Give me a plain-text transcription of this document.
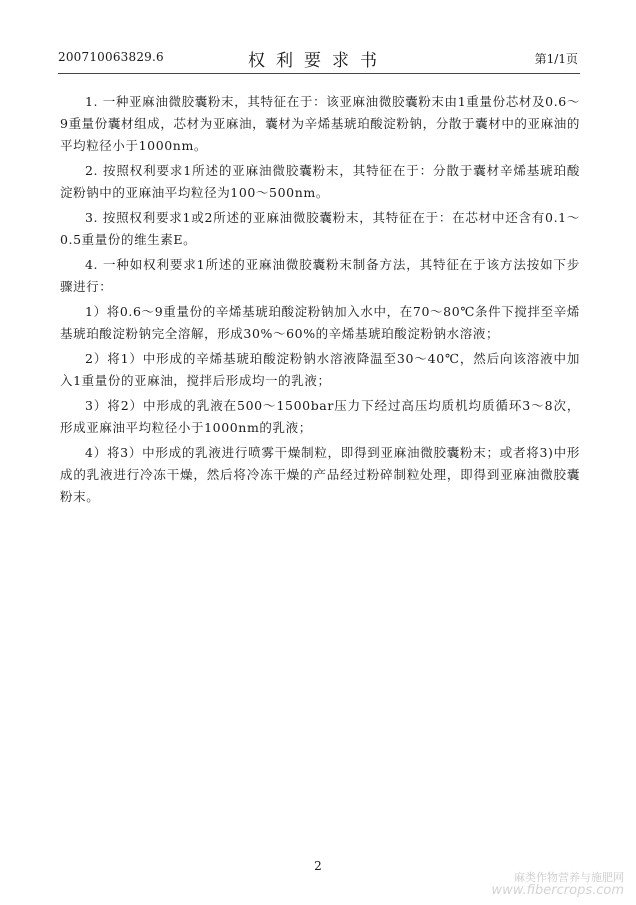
200710063829.6	权利要求书	第1/1页

1. 一种亚麻油微胶囊粉末，其特征在于：该亚麻油微胶囊粉末由1重量份芯材及0.6～9重量份囊材组成，芯材为亚麻油，囊材为辛烯基琥珀酸淀粉钠，分散于囊材中的亚麻油的平均粒径小于1000nm。

2. 按照权利要求1所述的亚麻油微胶囊粉末，其特征在于：分散于囊材辛烯基琥珀酸淀粉钠中的亚麻油平均粒径为100～500nm。

3. 按照权利要求1或2所述的亚麻油微胶囊粉末，其特征在于：在芯材中还含有0.1～0.5重量份的维生素E。

4. 一种如权利要求1所述的亚麻油微胶囊粉末制备方法，其特征在于该方法按如下步骤进行：

1）将0.6～9重量份的辛烯基琥珀酸淀粉钠加入水中，在70～80℃条件下搅拌至辛烯基琥珀酸淀粉钠完全溶解，形成30%～60%的辛烯基琥珀酸淀粉钠水溶液；

2）将1）中形成的辛烯基琥珀酸淀粉钠水溶液降温至30～40℃，然后向该溶液中加入1重量份的亚麻油，搅拌后形成均一的乳液；

3）将2）中形成的乳液在500～1500bar压力下经过高压均质机均质循环3～8次，形成亚麻油平均粒径小于1000nm的乳液；

4）将3）中形成的乳液进行喷雾干燥制粒，即得到亚麻油微胶囊粉末；或者将3)中形成的乳液进行冷冻干燥，然后将冷冻干燥的产品经过粉碎制粒处理，即得到亚麻油微胶囊粉末。

2
麻类作物营养与施肥网
www.fibercrops.com
